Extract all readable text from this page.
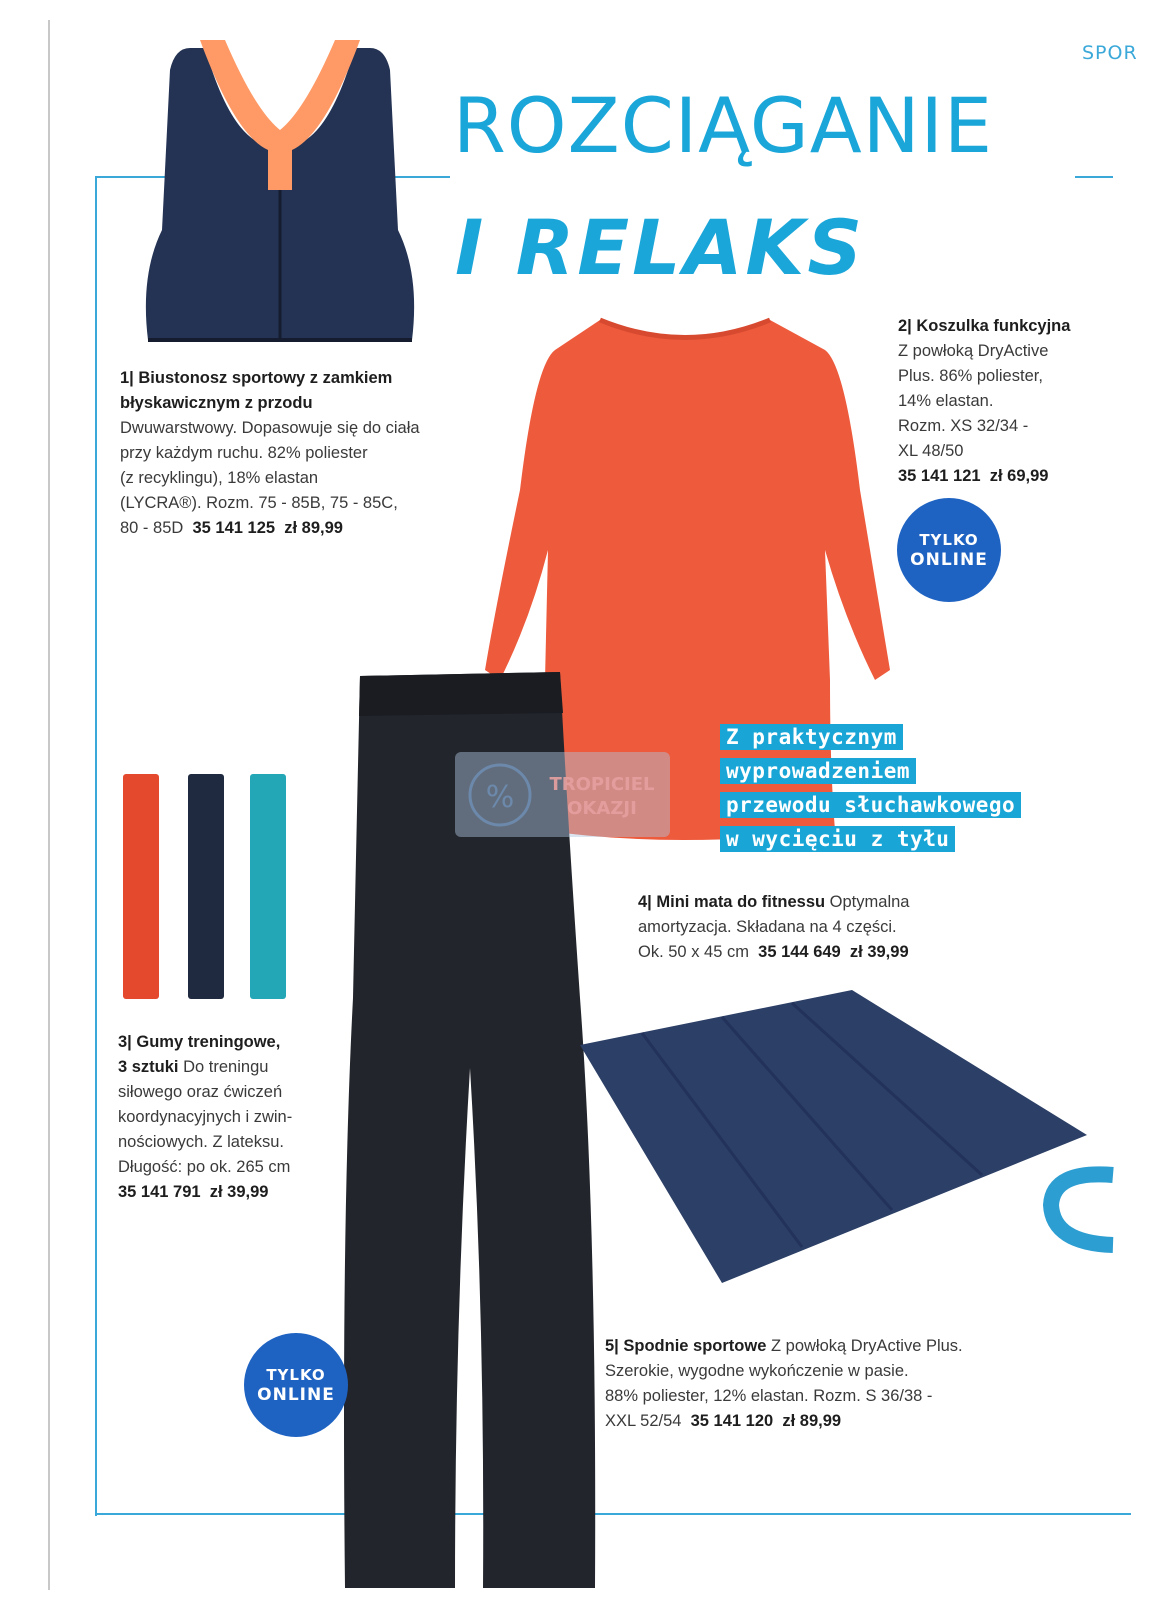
SPOR
ROZCIĄGANIE
I RELAKS
% TROPICIEL
OKAZJI
Z praktycznym
wyprowadzeniem
przewodu słuchawkowego
w wycięciu z tyłu
1| Biustonosz sportowy z zamkiem
błyskawicznym z przodu
Dwuwarstwowy. Dopasowuje się do ciała
przy każdym ruchu. 82% poliester
(z recyklingu), 18% elastan
(LYCRA®). Rozm. 75 - 85B, 75 - 85C,
80 - 85D 35 141 125 zł 89,99
2| Koszulka funkcyjna
Z powłoką DryActive
Plus. 86% poliester,
14% elastan.
Rozm. XS 32/34 -
XL 48/50
35 141 121 zł 69,99
3| Gumy treningowe,
3 sztuki Do treningu
siłowego oraz ćwiczeń
koordynacyjnych i zwin-
nościowych. Z lateksu.
Długość: po ok. 265 cm
35 141 791 zł 39,99
4| Mini mata do fitnessu Optymalna
amortyzacja. Składana na 4 części.
Ok. 50 x 45 cm 35 144 649 zł 39,99
5| Spodnie sportowe Z powłoką DryActive Plus.
Szerokie, wygodne wykończenie w pasie.
88% poliester, 12% elastan. Rozm. S 36/38 -
XXL 52/54 35 141 120 zł 89,99
TYLKO
ONLINE
TYLKO
ONLINE
